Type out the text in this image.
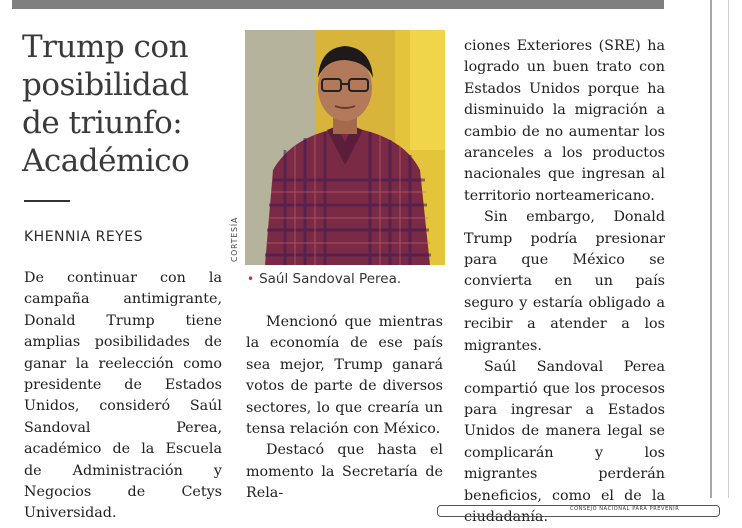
Trump con posibilidad de triunfo: Académico
KHENNIA REYES

De continuar con la campaña antimigrante, Donald Trump tiene amplias posibilidades de ganar la reelección como presidente de Estados Unidos, consideró Saúl Sandoval Perea, académico de la Escuela de Administración y Negocios de Cetys Universidad.

CORTESÍA
• Saúl Sandoval Perea.

Mencionó que mientras la economía de ese país sea mejor, Trump ganará votos de parte de diversos sectores, lo que crearía un tensa relación con México.

Destacó que hasta el momento la Secretaría de Rela-

ciones Exteriores (SRE) ha logrado un buen trato con Estados Unidos porque ha disminuido la migración a cambio de no aumentar los aranceles a los productos nacionales que ingresan al territorio norteamericano.

Sin embargo, Donald Trump podría presionar para que México se convierta en un país seguro y estaría obligado a recibir a atender a los migrantes.

Saúl Sandoval Perea compartió que los procesos para ingresar a Estados Unidos de manera legal se complicarán y los migrantes perderán beneficios, como el de la ciudadanía.	CONSEJO NACIONAL PARA PREVENIR
